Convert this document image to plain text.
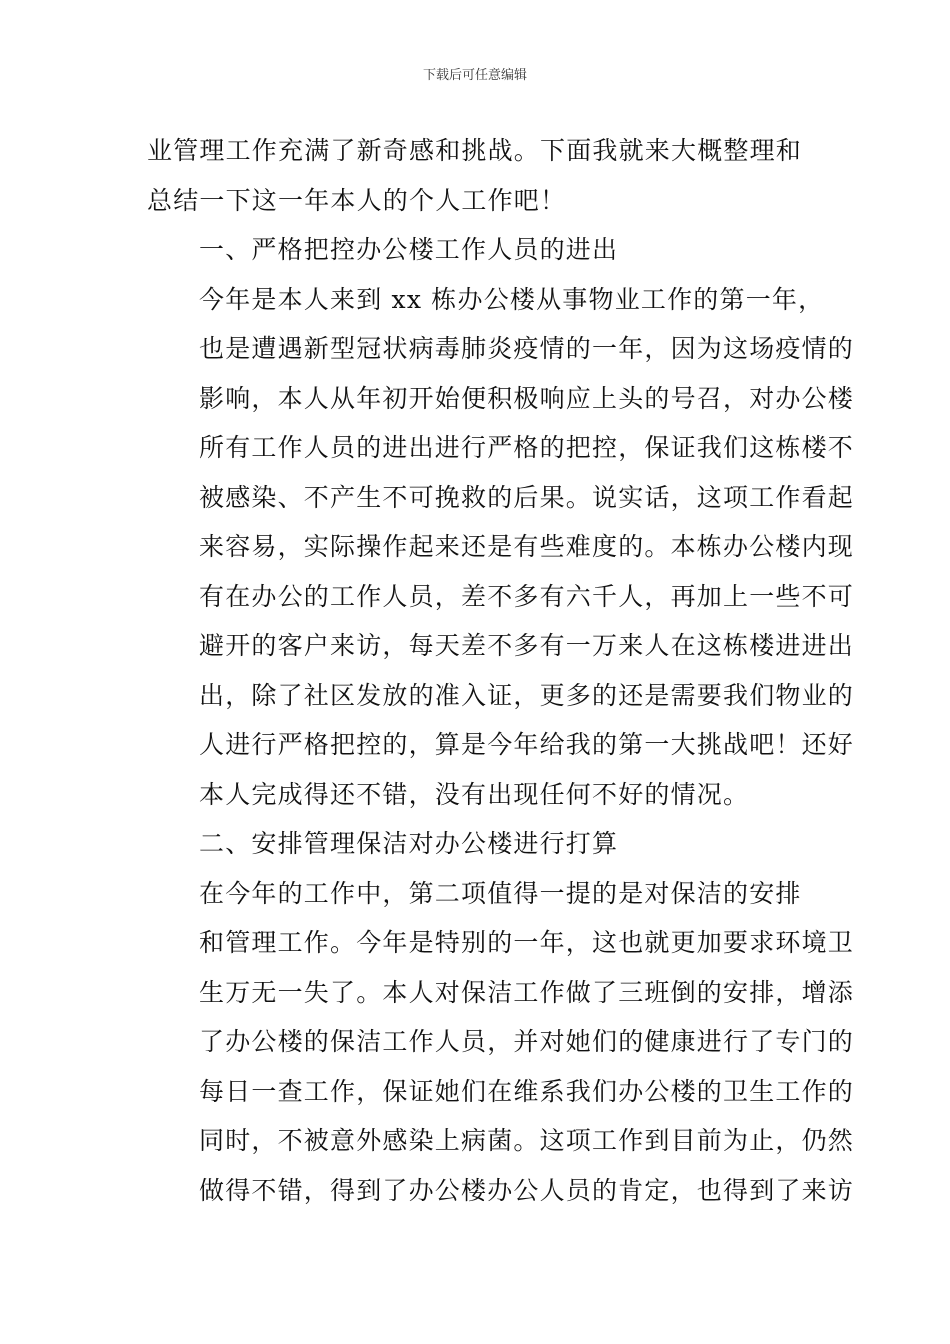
下载后可任意编辑

业管理工作充满了新奇感和挑战。下面我就来大概整理和
总结一下这一年本人的个人工作吧！

一、严格把控办公楼工作人员的进出

今年是本人来到 xx 栋办公楼从事物业工作的第一年，
也是遭遇新型冠状病毒肺炎疫情的一年，因为这场疫情的
影响，本人从年初开始便积极响应上头的号召，对办公楼
所有工作人员的进出进行严格的把控，保证我们这栋楼不
被感染、不产生不可挽救的后果。说实话，这项工作看起
来容易，实际操作起来还是有些难度的。本栋办公楼内现
有在办公的工作人员，差不多有六千人，再加上一些不可
避开的客户来访，每天差不多有一万来人在这栋楼进进出
出，除了社区发放的准入证，更多的还是需要我们物业的
人进行严格把控的，算是今年给我的第一大挑战吧！还好
本人完成得还不错，没有出现任何不好的情况。

二、安排管理保洁对办公楼进行打算

在今年的工作中，第二项值得一提的是对保洁的安排
和管理工作。今年是特别的一年，这也就更加要求环境卫
生万无一失了。本人对保洁工作做了三班倒的安排，增添
了办公楼的保洁工作人员，并对她们的健康进行了专门的
每日一查工作，保证她们在维系我们办公楼的卫生工作的
同时，不被意外感染上病菌。这项工作到目前为止，仍然
做得不错，得到了办公楼办公人员的肯定，也得到了来访
